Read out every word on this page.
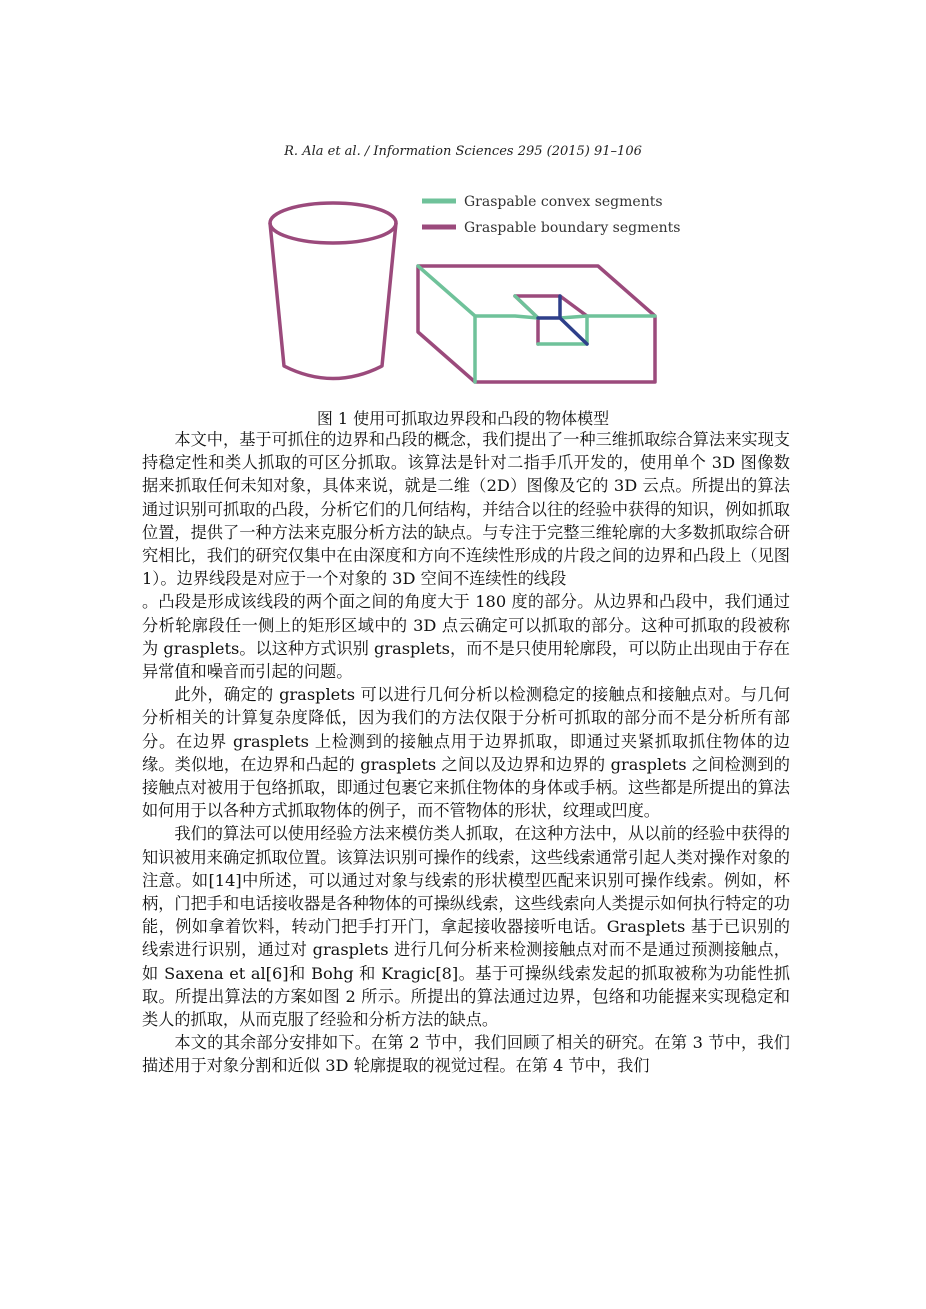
R. Ala et al. / Information Sciences 295 (2015) 91–106
Graspable convex segments
Graspable boundary segments
图 1 使用可抓取边界段和凸段的物体模型

本文中，基于可抓住的边界和凸段的概念，我们提出了一种三维抓取综合算法来实现支持稳定性和类人抓取的可区分抓取。该算法是针对二指手爪开发的，使用单个 3D 图像数据来抓取任何未知对象，具体来说，就是二维（2D）图像及它的 3D 云点。所提出的算法通过识别可抓取的凸段，分析它们的几何结构，并结合以往的经验中获得的知识，例如抓取位置，提供了一种方法来克服分析方法的缺点。与专注于完整三维轮廓的大多数抓取综合研究相比，我们的研究仅集中在由深度和方向不连续性形成的片段之间的边界和凸段上（见图 1）。边界线段是对应于一个对象的 3D 空间不连续性的线段

。凸段是形成该线段的两个面之间的角度大于 180 度的部分。从边界和凸段中，我们通过分析轮廓段任一侧上的矩形区域中的 3D 点云确定可以抓取的部分。这种可抓取的段被称为 grasplets。以这种方式识别 grasplets，而不是只使用轮廓段，可以防止出现由于存在异常值和噪音而引起的问题。

此外，确定的 grasplets 可以进行几何分析以检测稳定的接触点和接触点对。与几何分析相关的计算复杂度降低，因为我们的方法仅限于分析可抓取的部分而不是分析所有部分。在边界 grasplets 上检测到的接触点用于边界抓取，即通过夹紧抓取抓住物体的边缘。类似地，在边界和凸起的 grasplets 之间以及边界和边界的 grasplets 之间检测到的接触点对被用于包络抓取，即通过包裹它来抓住物体的身体或手柄。这些都是所提出的算法如何用于以各种方式抓取物体的例子，而不管物体的形状，纹理或凹度。

我们的算法可以使用经验方法来模仿类人抓取，在这种方法中，从以前的经验中获得的知识被用来确定抓取位置。该算法识别可操作的线索，这些线索通常引起人类对操作对象的注意。如[14]中所述，可以通过对象与线索的形状模型匹配来识别可操作线索。例如，杯柄，门把手和电话接收器是各种物体的可操纵线索，这些线索向人类提示如何执行特定的功能，例如拿着饮料，转动门把手打开门，拿起接收器接听电话。Grasplets 基于已识别的线索进行识别，通过对 grasplets 进行几何分析来检测接触点对而不是通过预测接触点，如 Saxena et al[6]和 Bohg 和 Kragic[8]。基于可操纵线索发起的抓取被称为功能性抓取。所提出算法的方案如图 2 所示。所提出的算法通过边界，包络和功能握来实现稳定和类人的抓取，从而克服了经验和分析方法的缺点。

本文的其余部分安排如下。在第 2 节中，我们回顾了相关的研究。在第 3 节中，我们描述用于对象分割和近似 3D 轮廓提取的视觉过程。在第 4 节中，我们
